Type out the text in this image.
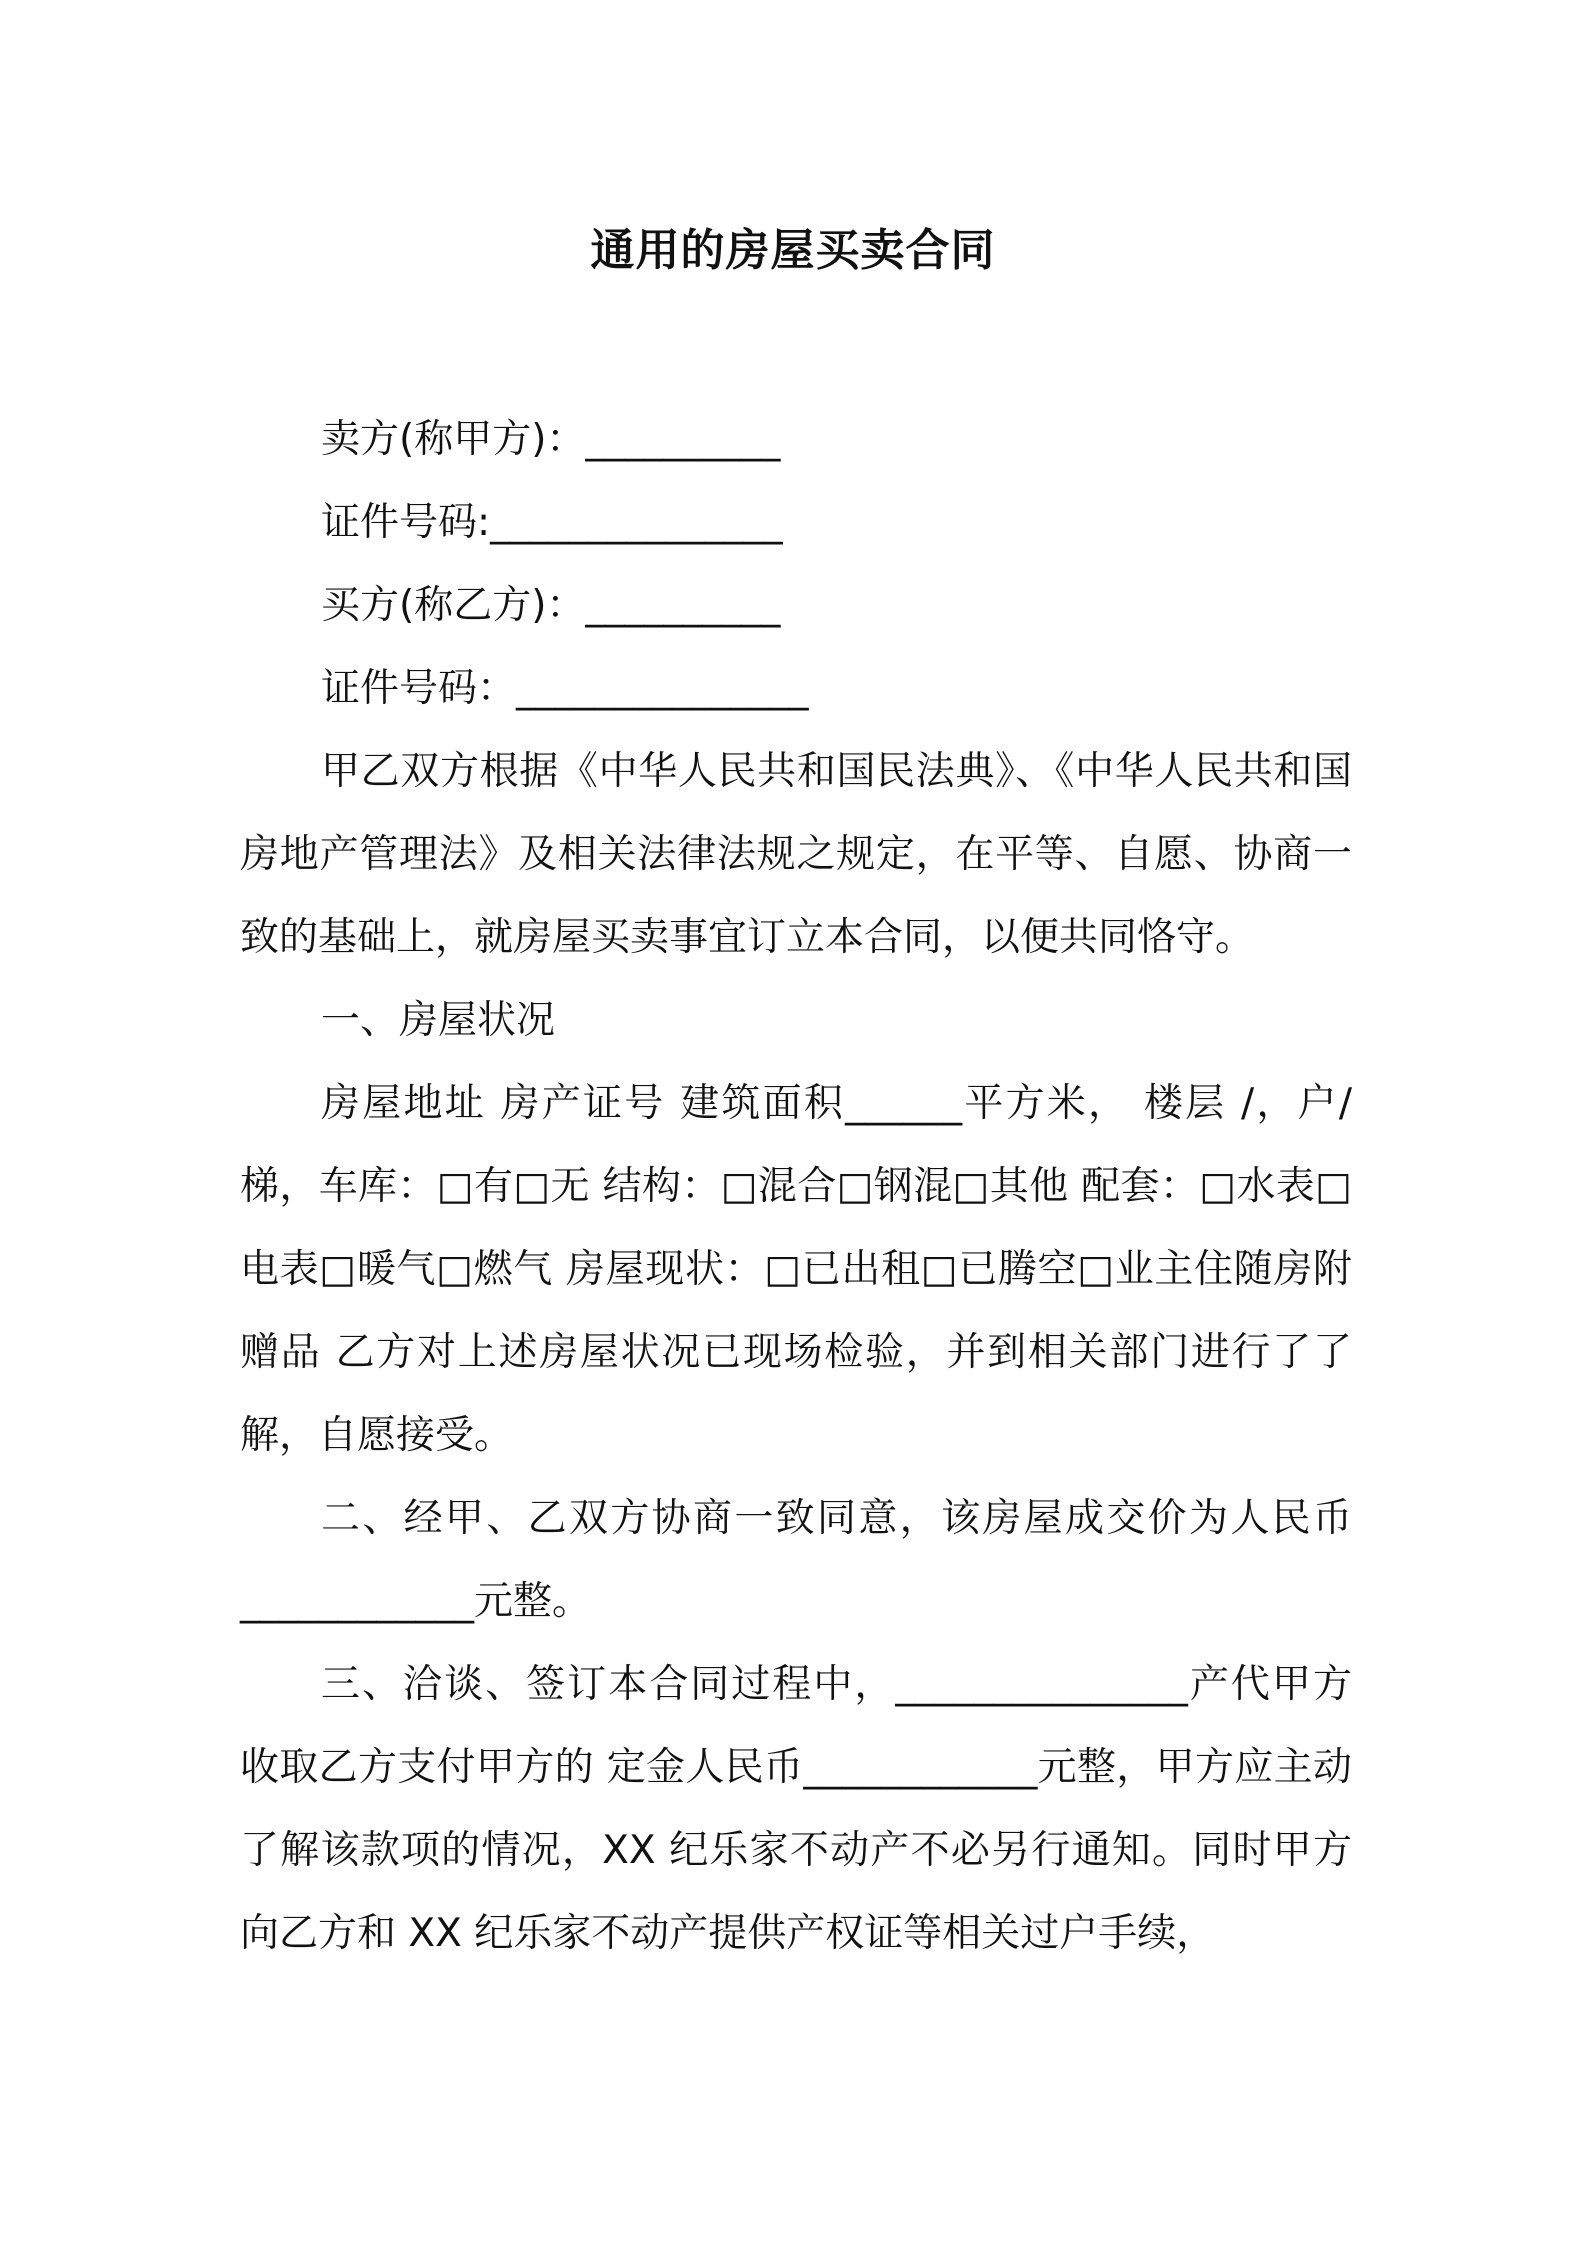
通用的房屋买卖合同
卖方(称甲方)：__________
证件号码:_______________
买方(称乙方)：__________
证件号码：_______________

甲乙双方根据《中华人民共和国民法典》、《中华人民共和国房地产管理法》及相关法律法规之规定，在平等、自愿、协商一致的基础上，就房屋买卖事宜订立本合同，以便共同恪守。

一、房屋状况

房屋地址 房产证号 建筑面积______平方米， 楼层 /，户/梯，车库：□有□无 结构：□混合□钢混□其他 配套：□水表□电表□暖气□燃气 房屋现状：□已出租□已腾空□业主住随房附赠品 乙方对上述房屋状况已现场检验，并到相关部门进行了了解，自愿接受。

二、经甲、乙双方协商一致同意，该房屋成交价为人民币____________元整。

三、洽谈、签订本合同过程中，_______________产代甲方收取乙方支付甲方的 定金人民币____________元整，甲方应主动了解该款项的情况，XX 纪乐家不动产不必另行通知。同时甲方向乙方和 XX 纪乐家不动产提供产权证等相关过户手续，
